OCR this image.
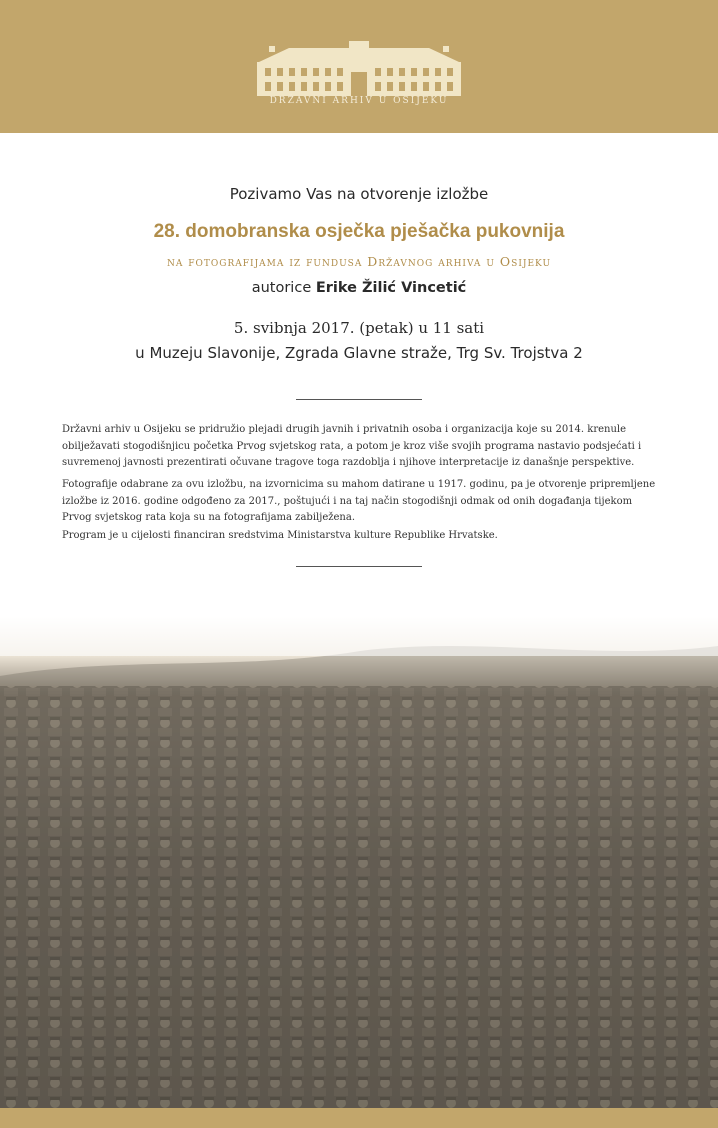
DRŽAVNI ARHIV U OSIJEKU
Pozivamo Vas na otvorenje izložbe
28. domobranska osječka pješačka pukovnija
na fotografijama iz fundusa Državnog arhiva u Osijeku
autorice Erike Žilić Vincetić
5. svibnja 2017. (petak) u 11 sati
u Muzeju Slavonije, Zgrada Glavne straže, Trg Sv. Trojstva 2
Državni arhiv u Osijeku se pridružio plejadi drugih javnih i privatnih osoba i organizacija koje su 2014. krenule obilježavati stogodišnjicu početka Prvog svjetskog rata, a potom je kroz više svojih programa nastavio podsjećati i suvremenoj javnosti prezentirati očuvane tragove toga razdoblja i njihove interpretacije iz današnje perspektive.
Fotografije odabrane za ovu izložbu, na izvornicima su mahom datirane u 1917. godinu, pa je otvorenje pripremljene izložbe iz 2016. godine odgođeno za 2017., poštujući i na taj način stogodišnji odmak od onih događanja tijekom Prvog svjetskog rata koja su na fotografijama zabilježena.
Program je u cijelosti financiran sredstvima Ministarstva kulture Republike Hrvatske.
